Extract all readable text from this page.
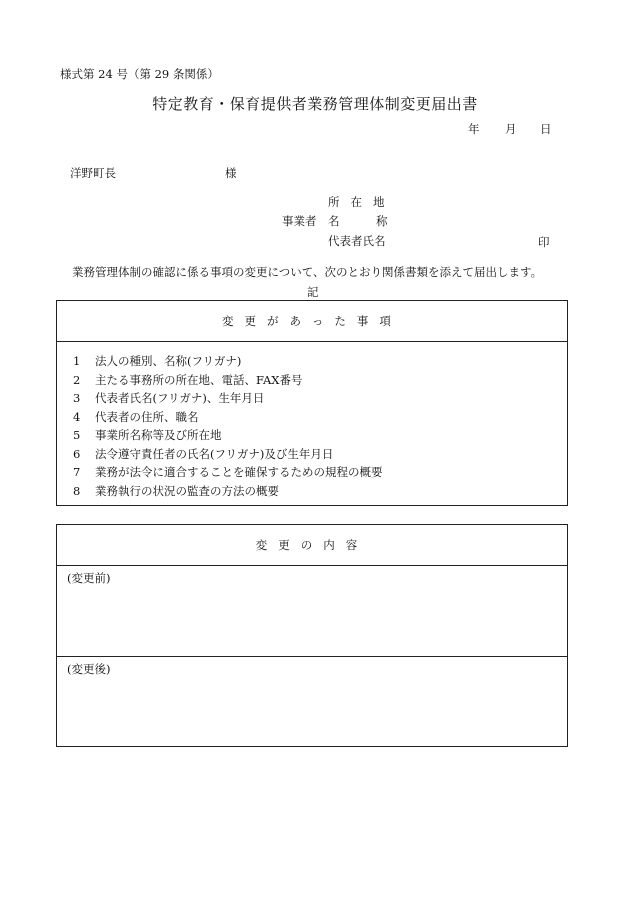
様式第 24 号（第 29 条関係）
特定教育・保育提供者業務管理体制変更届出書
年 月 日
洋野町長	様
事業者
所在地
名	称
代表者氏名	印
業務管理体制の確認に係る事項の変更について、次のとおり関係書類を添えて届出します。
記
変更があった事項
1	法人の種別、名称(フリガナ)
2	主たる事務所の所在地、電話、FAX番号
3	代表者氏名(フリガナ)、生年月日
4	代表者の住所、職名
5	事業所名称等及び所在地
6	法令遵守責任者の氏名(フリガナ)及び生年月日
7	業務が法令に適合することを確保するための規程の概要
8	業務執行の状況の監査の方法の概要
変更の内容
(変更前)
(変更後)
